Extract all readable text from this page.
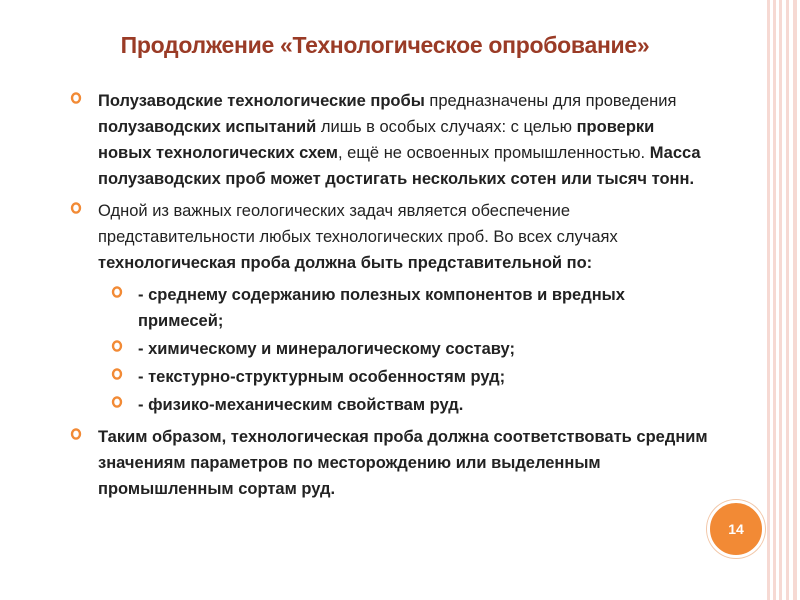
Продолжение «Технологическое опробование»
Полузаводские технологические пробы предназначены для проведения полузаводских испытаний лишь в особых случаях: с целью проверки новых технологических схем, ещё не освоенных промышленностью. Масса полузаводских проб может достигать нескольких сотен или тысяч тонн.
Одной из важных геологических задач является обеспечение представительности любых технологических проб. Во всех случаях технологическая проба должна быть представительной по:
- среднему содержанию полезных компонентов и вредных примесей;
- химическому и минералогическому составу;
- текстурно-структурным особенностям руд;
- физико-механическим свойствам руд.
Таким образом, технологическая проба должна соответствовать средним значениям параметров по месторождению или выделенным промышленным сортам руд.
14
